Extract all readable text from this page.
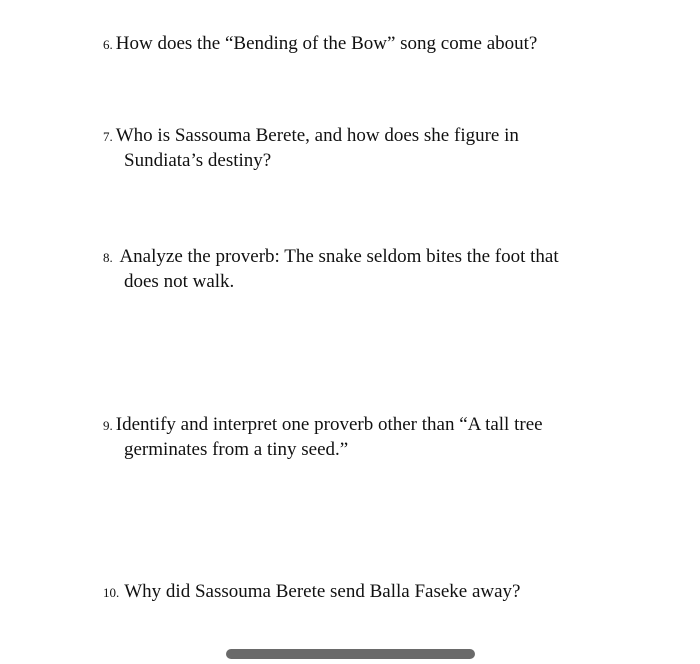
6. How does the “Bending of the Bow” song come about?
7. Who is Sassouma Berete, and how does she figure in
Sundiata’s destiny?
8. Analyze the proverb: The snake seldom bites the foot that
does not walk.
9. Identify and interpret one proverb other than “A tall tree
germinates from a tiny seed.”
10. Why did Sassouma Berete send Balla Faseke away?
